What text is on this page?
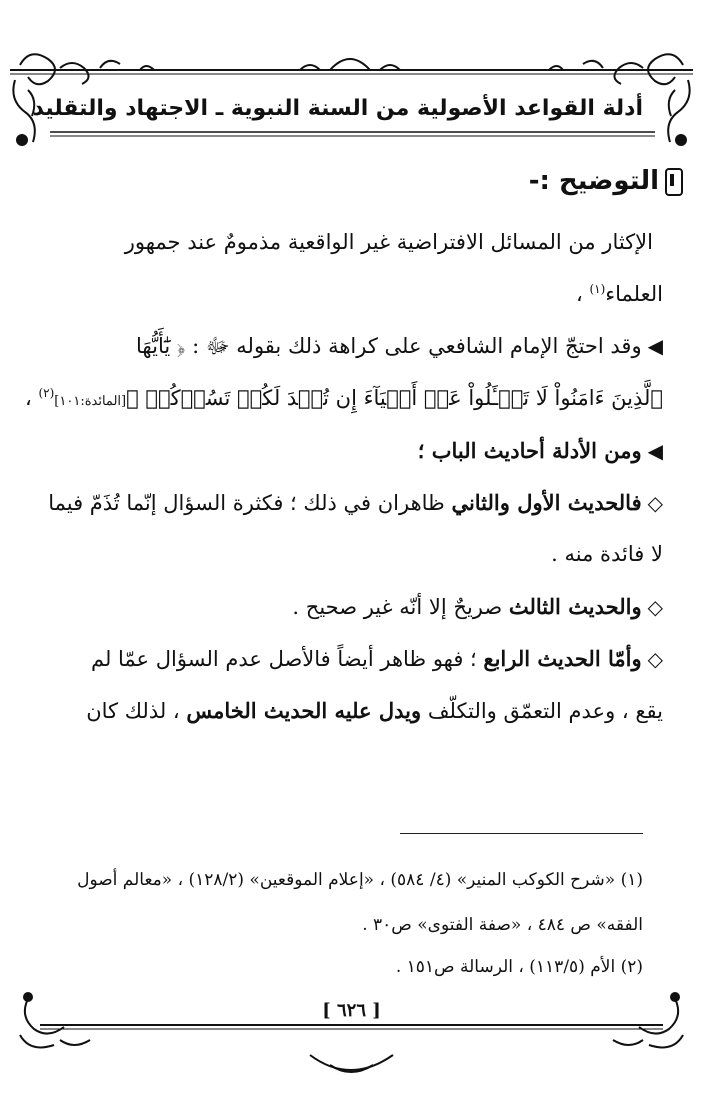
أدلة القواعد الأصولية من السنة النبوية ـ الاجتهاد والتقليد
التوضيح :-
الإكثار من المسائل الافتراضية غير الواقعية مذمومٌ عند جمهور
العلماء$^{(١)}$ ،
◀وقد احتجّ الإمام الشافعي على كراهة ذلك بقوله ﷻ : ﴿ يَٰٓأَيُّهَا
ٱلَّذِينَ ءَامَنُواْ لَا تَسۡـَٔلُواْ عَنۡ أَشۡيَآءَ إِن تُبۡدَ لَكُمۡ تَسُؤۡكُمۡ ﴾[المائدة:١٠١]$^{(٢)}$ ،
◀ومن الأدلة أحاديث الباب ؛
◇فالحديث الأول والثاني ظاهران في ذلك ؛ فكثرة السؤال إنّما تُذَمّ فيما
لا فائدة منه .
◇والحديث الثالث صريحٌ إلا أنّه غير صحيح .
◇وأمّا الحديث الرابع ؛ فهو ظاهر أيضاً فالأصل عدم السؤال عمّا لم
يقع ، وعدم التعمّق والتكلّف ويدل عليه الحديث الخامس ، لذلك كان
(١) «شرح الكوكب المنير» (٤/ ٥٨٤) ، «إعلام الموقعين» (١٢٨/٢) ، «معالم أصول
الفقه» ص ٤٨٤ ، «صفة الفتوى» ص٣٠ .
(٢) الأم (١١٣/٥) ، الرسالة ص١٥١ .
[ ٦٢٦ ]
